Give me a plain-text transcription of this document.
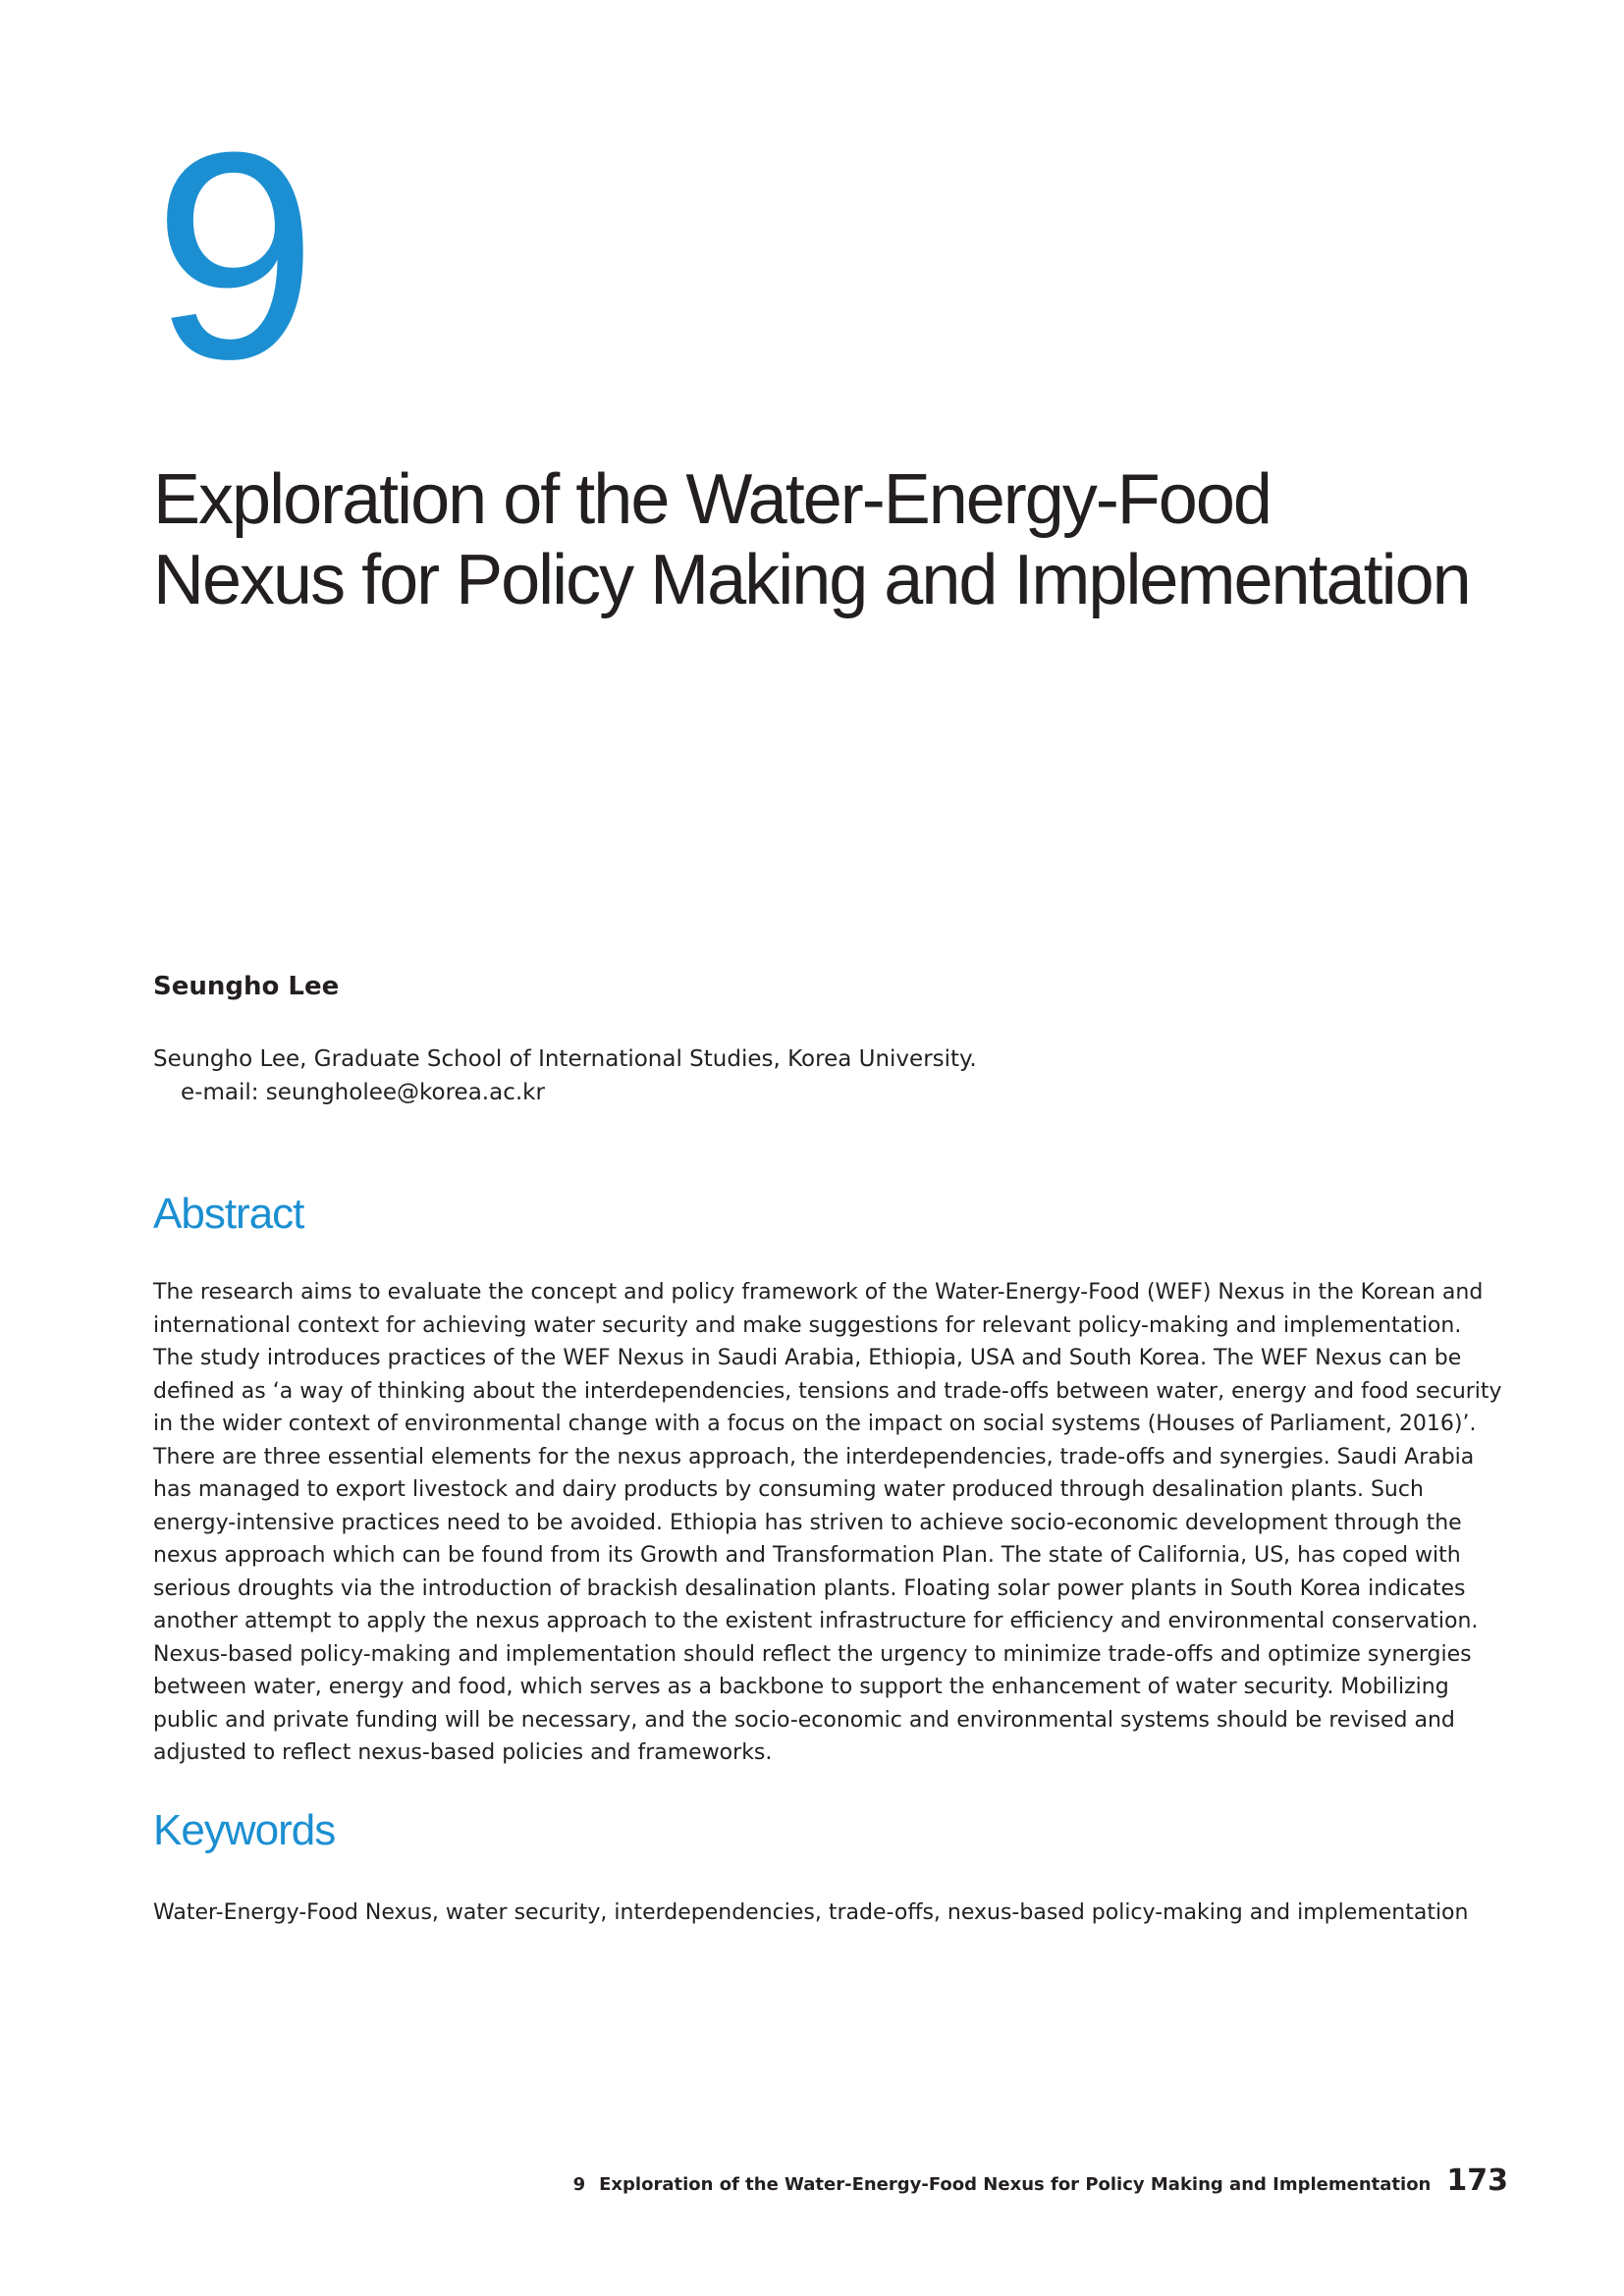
9
Exploration of the Water-Energy-Food
Nexus for Policy Making and Implementation
Seungho Lee
Seungho Lee, Graduate School of International Studies, Korea University.
e-mail: seungholee@korea.ac.kr
Abstract

The research aims to evaluate the concept and policy framework of the Water-Energy-Food (WEF) Nexus in the Korean and international context for achieving water security and make suggestions for relevant policy-making and implementation.

The study introduces practices of the WEF Nexus in Saudi Arabia, Ethiopia, USA and South Korea. The WEF Nexus can be defined as ‘a way of thinking about the interdependencies, tensions and trade-offs between water, energy and food security in the wider context of environmental change with a focus on the impact on social systems (Houses of Parliament, 2016)’. There are three essential elements for the nexus approach, the interdependencies, trade-offs and synergies. Saudi Arabia has managed to export livestock and dairy products by consuming water produced through desalination plants. Such energy-intensive practices need to be avoided. Ethiopia has striven to achieve socio-economic development through the nexus approach which can be found from its Growth and Transformation Plan. The state of California, US, has coped with serious droughts via the introduction of brackish desalination plants. Floating solar power plants in South Korea indicates another attempt to apply the nexus approach to the existent infrastructure for efficiency and environmental conservation. Nexus-based policy-making and implementation should reflect the urgency to minimize trade-offs and optimize synergies between water, energy and food, which serves as a backbone to support the enhancement of water security. Mobilizing public and private funding will be necessary, and the socio-economic and environmental systems should be revised and adjusted to reflect nexus-based policies and frameworks.

Keywords
Water-Energy-Food Nexus, water security, interdependencies, trade-offs, nexus-based policy-making and implementation
9 Exploration of the Water-Energy-Food Nexus for Policy Making and Implementation 173
